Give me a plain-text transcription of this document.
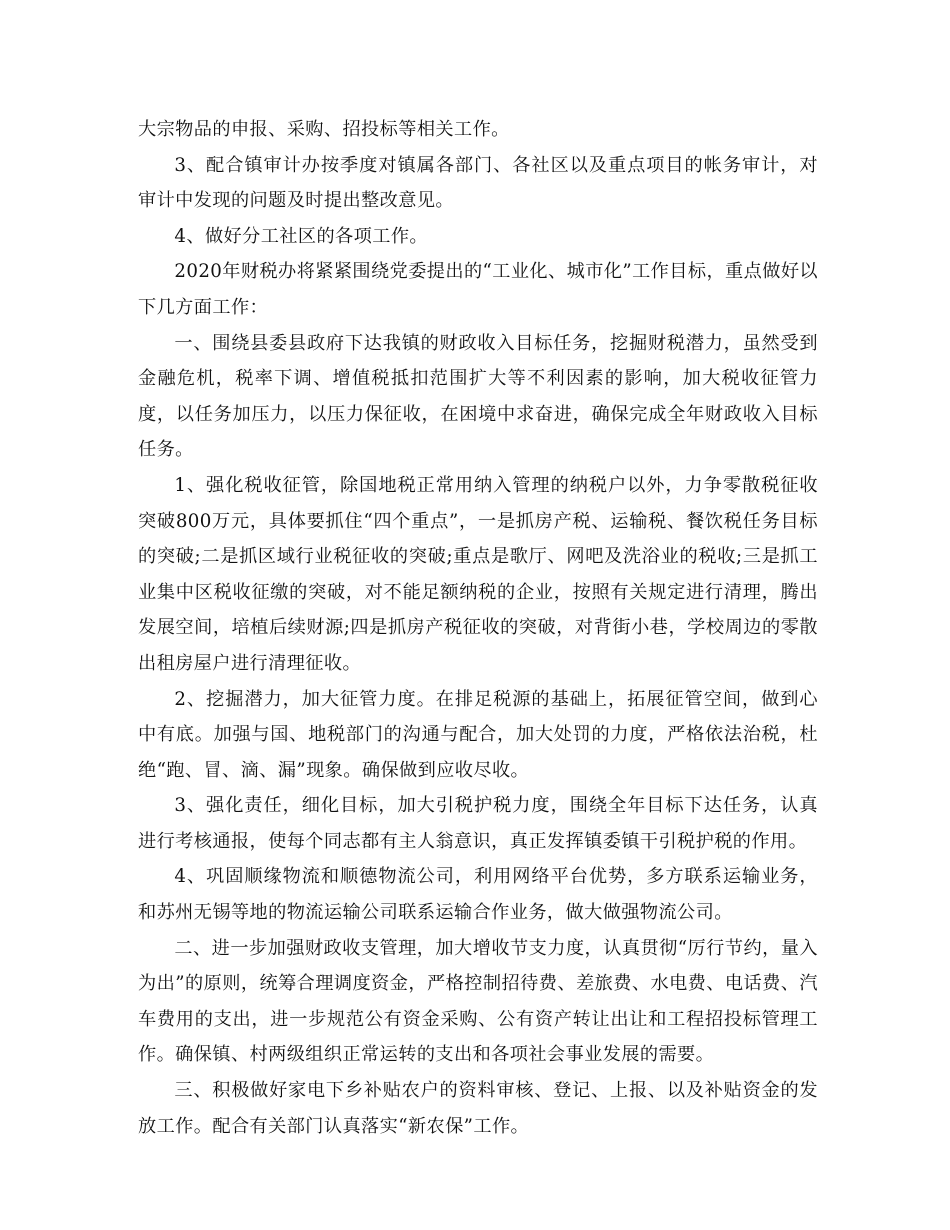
大宗物品的申报、采购、招投标等相关工作。

3、配合镇审计办按季度对镇属各部门、各社区以及重点项目的帐务审计，对审计中发现的问题及时提出整改意见。

4、做好分工社区的各项工作。

2020年财税办将紧紧围绕党委提出的“工业化、城市化”工作目标，重点做好以下几方面工作：

一、围绕县委县政府下达我镇的财政收入目标任务，挖掘财税潜力，虽然受到金融危机，税率下调、增值税抵扣范围扩大等不利因素的影响，加大税收征管力度，以任务加压力，以压力保征收，在困境中求奋进，确保完成全年财政收入目标任务。

1、强化税收征管，除国地税正常用纳入管理的纳税户以外，力争零散税征收突破800万元，具体要抓住“四个重点”，一是抓房产税、运输税、餐饮税任务目标的突破;二是抓区域行业税征收的突破;重点是歌厅、网吧及洗浴业的税收;三是抓工业集中区税收征缴的突破，对不能足额纳税的企业，按照有关规定进行清理，腾出发展空间，培植后续财源;四是抓房产税征收的突破，对背街小巷，学校周边的零散出租房屋户进行清理征收。

2、挖掘潜力，加大征管力度。在排足税源的基础上，拓展征管空间，做到心中有底。加强与国、地税部门的沟通与配合，加大处罚的力度，严格依法治税，杜绝“跑、冒、滴、漏”现象。确保做到应收尽收。

3、强化责任，细化目标，加大引税护税力度，围绕全年目标下达任务，认真进行考核通报，使每个同志都有主人翁意识，真正发挥镇委镇干引税护税的作用。

4、巩固顺缘物流和顺德物流公司，利用网络平台优势，多方联系运输业务，和苏州无锡等地的物流运输公司联系运输合作业务，做大做强物流公司。

二、进一步加强财政收支管理，加大增收节支力度，认真贯彻“厉行节约，量入为出”的原则，统筹合理调度资金，严格控制招待费、差旅费、水电费、电话费、汽车费用的支出，进一步规范公有资金采购、公有资产转让出让和工程招投标管理工作。确保镇、村两级组织正常运转的支出和各项社会事业发展的需要。

三、积极做好家电下乡补贴农户的资料审核、登记、上报、以及补贴资金的发放工作。配合有关部门认真落实“新农保”工作。
